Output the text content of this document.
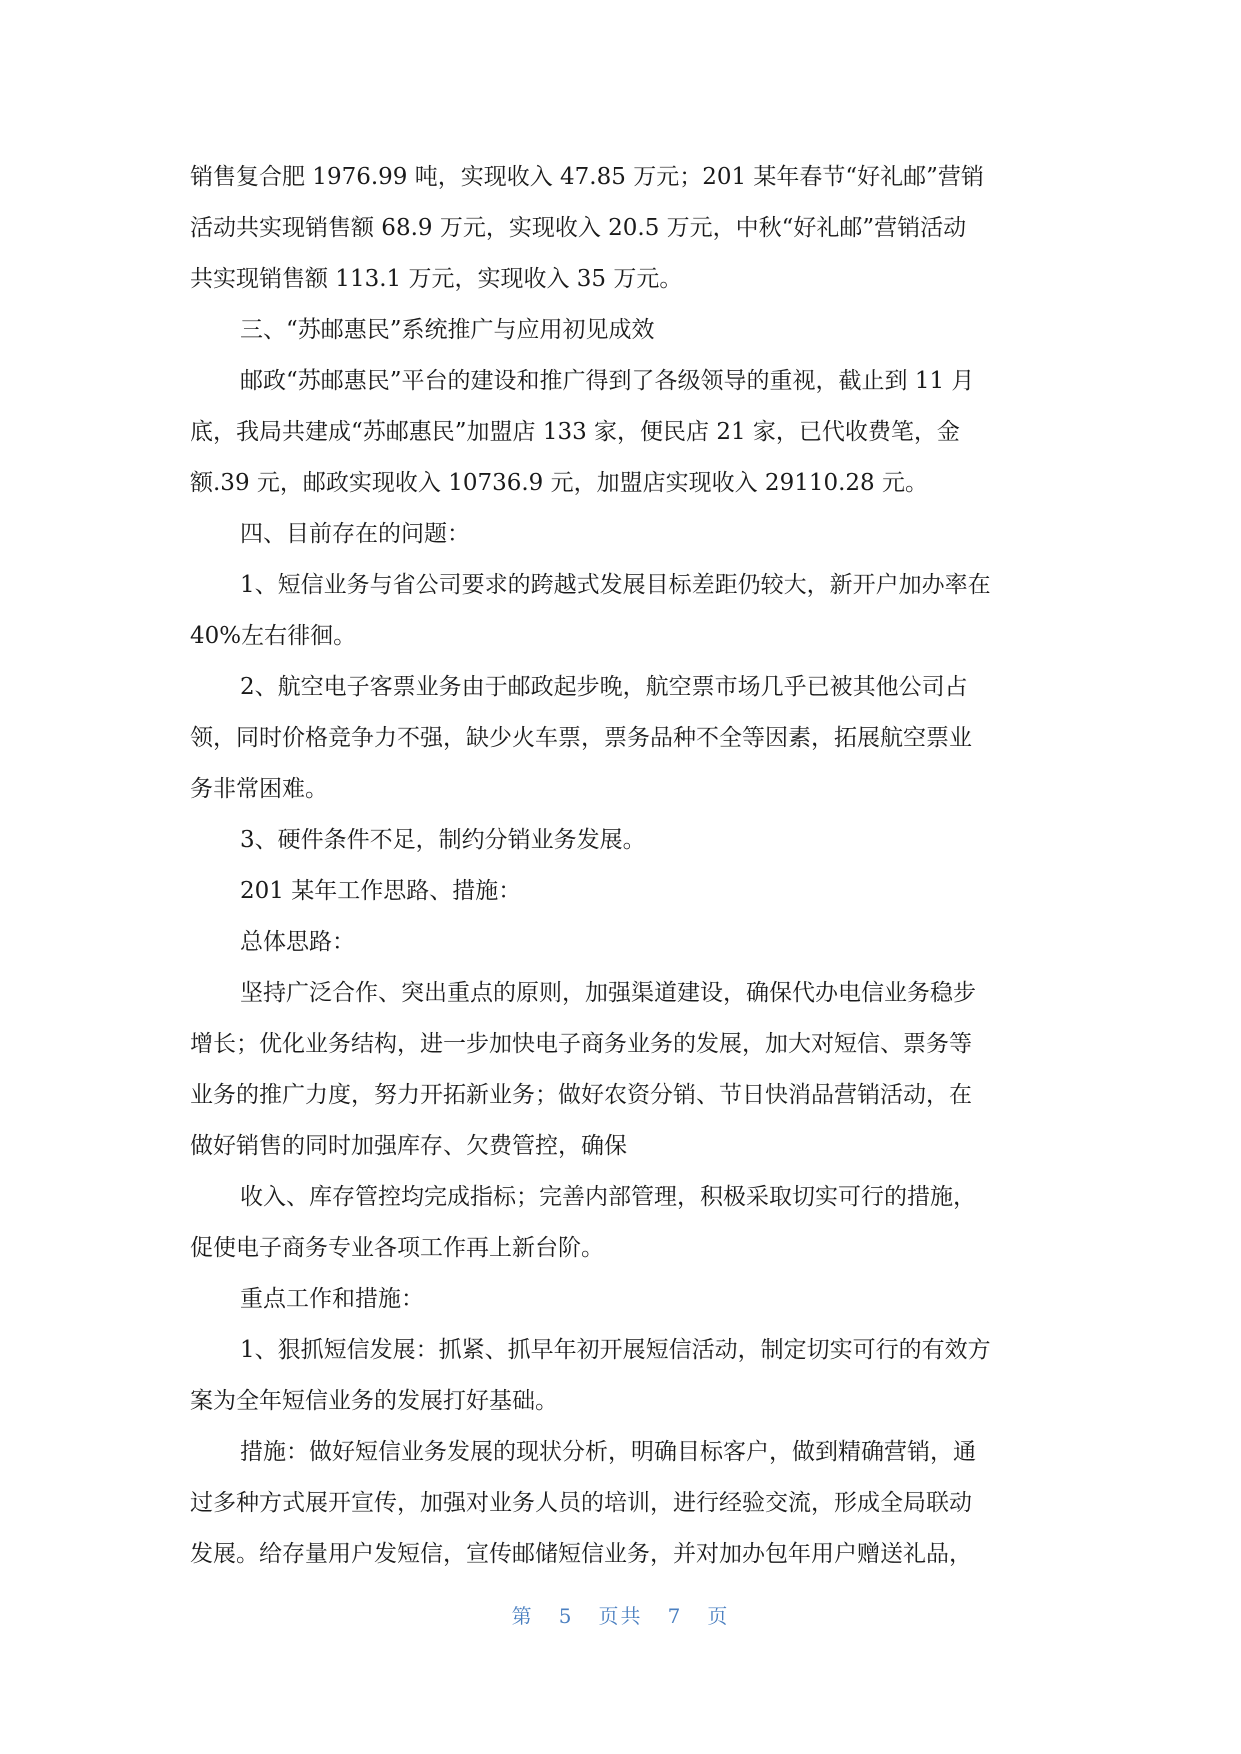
销售复合肥 1976.99 吨，实现收入 47.85 万元；201 某年春节“好礼邮”营销
活动共实现销售额 68.9 万元，实现收入 20.5 万元，中秋“好礼邮”营销活动
共实现销售额 113.1 万元，实现收入 35 万元。
三、“苏邮惠民”系统推广与应用初见成效
邮政“苏邮惠民”平台的建设和推广得到了各级领导的重视，截止到 11 月
底，我局共建成“苏邮惠民”加盟店 133 家，便民店 21 家，已代收费笔，金
额.39 元，邮政实现收入 10736.9 元，加盟店实现收入 29110.28 元。
四、目前存在的问题：
1、短信业务与省公司要求的跨越式发展目标差距仍较大，新开户加办率在
40%左右徘徊。
2、航空电子客票业务由于邮政起步晚，航空票市场几乎已被其他公司占
领，同时价格竞争力不强，缺少火车票，票务品种不全等因素，拓展航空票业
务非常困难。
3、硬件条件不足，制约分销业务发展。
201 某年工作思路、措施：
总体思路：
坚持广泛合作、突出重点的原则，加强渠道建设，确保代办电信业务稳步
增长；优化业务结构，进一步加快电子商务业务的发展，加大对短信、票务等
业务的推广力度，努力开拓新业务；做好农资分销、节日快消品营销活动，在
做好销售的同时加强库存、欠费管控，确保
收入、库存管控均完成指标；完善内部管理，积极采取切实可行的措施，
促使电子商务专业各项工作再上新台阶。
重点工作和措施：
1、狠抓短信发展：抓紧、抓早年初开展短信活动，制定切实可行的有效方
案为全年短信业务的发展打好基础。
措施：做好短信业务发展的现状分析，明确目标客户，做到精确营销，通
过多种方式展开宣传，加强对业务人员的培训，进行经验交流，形成全局联动
发展。给存量用户发短信，宣传邮储短信业务，并对加办包年用户赠送礼品，
第 5 页共 7 页
